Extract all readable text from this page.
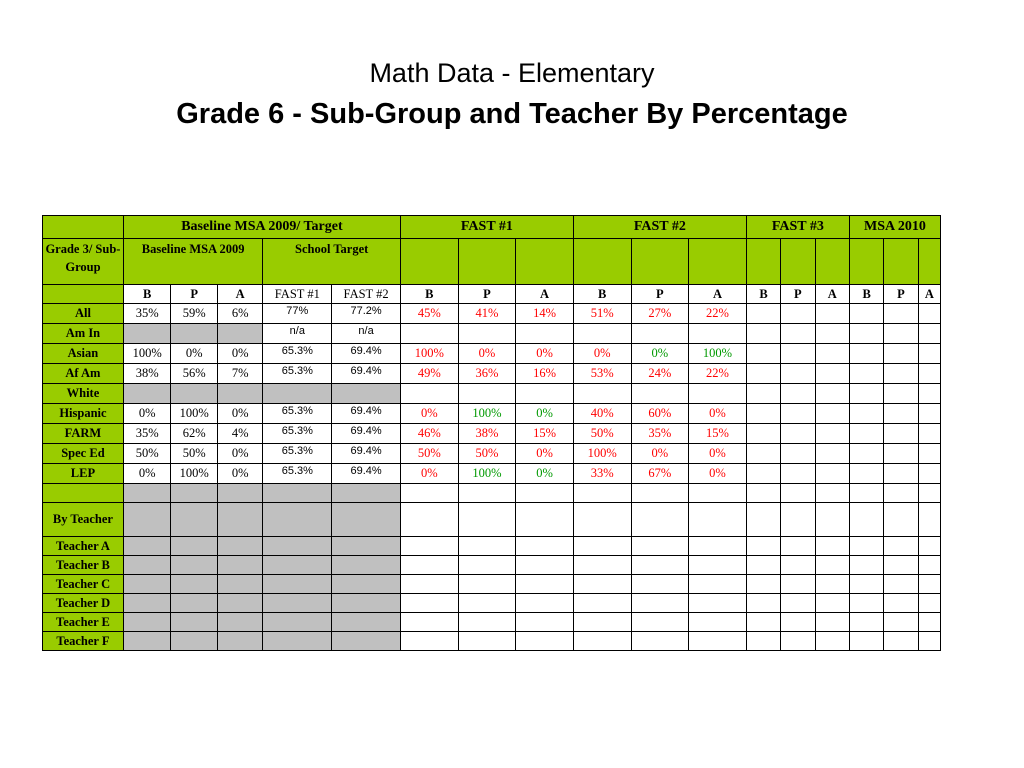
Math Data - Elementary
Grade 6 - Sub-Group and Teacher By Percentage
	Baseline MSA 2009/ Target					FAST #1			FAST #2			FAST #3			MSA 2010		
Grade 3/ Sub-Group	Baseline MSA 2009			School Target													
	B	P	A	FAST #1	FAST #2	B	P	A	B	P	A	B	P	A	B	P	A
All	35%	59%	6%	77%	77.2%	45%	41%	14%	51%	27%	22%						
Am In				n/a	n/a												
Asian	100%	0%	0%	65.3%	69.4%	100%	0%	0%	0%	0%	100%						
Af Am	38%	56%	7%	65.3%	69.4%	49%	36%	16%	53%	24%	22%						
White																	
Hispanic	0%	100%	0%	65.3%	69.4%	0%	100%	0%	40%	60%	0%						
FARM	35%	62%	4%	65.3%	69.4%	46%	38%	15%	50%	35%	15%						
Spec Ed	50%	50%	0%	65.3%	69.4%	50%	50%	0%	100%	0%	0%						
LEP	0%	100%	0%	65.3%	69.4%	0%	100%	0%	33%	67%	0%						

By Teacher																	
Teacher A																	
Teacher B																	
Teacher C																	
Teacher D																	
Teacher E																	
Teacher F																	
